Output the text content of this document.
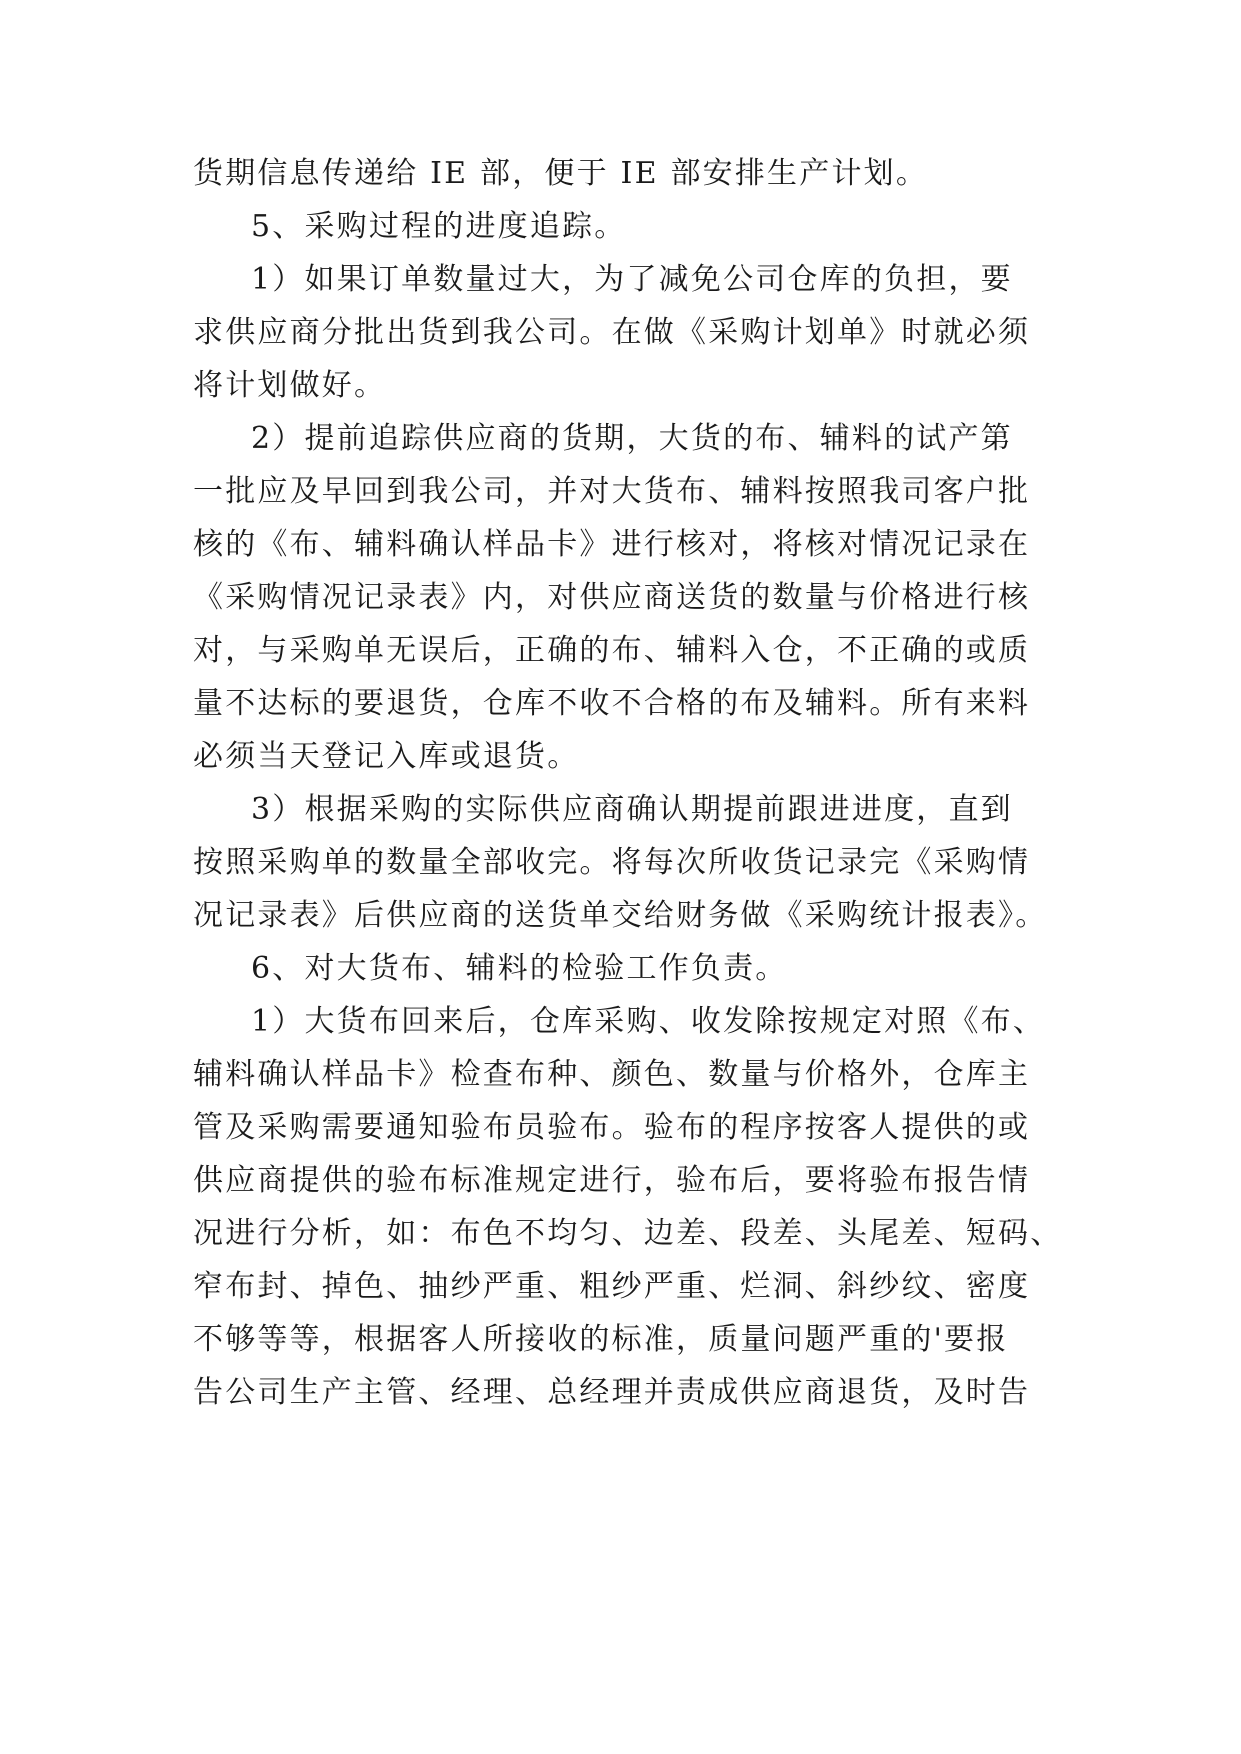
货期信息传递给 IE 部，便于 IE 部安排生产计划。
5、采购过程的进度追踪。
1）如果订单数量过大，为了减免公司仓库的负担，要
求供应商分批出货到我公司。在做《采购计划单》时就必须
将计划做好。
2）提前追踪供应商的货期，大货的布、辅料的试产第
一批应及早回到我公司，并对大货布、辅料按照我司客户批
核的《布、辅料确认样品卡》进行核对，将核对情况记录在
《采购情况记录表》内，对供应商送货的数量与价格进行核
对，与采购单无误后，正确的布、辅料入仓，不正确的或质
量不达标的要退货，仓库不收不合格的布及辅料。所有来料
必须当天登记入库或退货。
3）根据采购的实际供应商确认期提前跟进进度，直到
按照采购单的数量全部收完。将每次所收货记录完《采购情
况记录表》后供应商的送货单交给财务做《采购统计报表》。
6、对大货布、辅料的检验工作负责。
1）大货布回来后，仓库采购、收发除按规定对照《布、
辅料确认样品卡》检查布种、颜色、数量与价格外，仓库主
管及采购需要通知验布员验布。验布的程序按客人提供的或
供应商提供的验布标准规定进行，验布后，要将验布报告情
况进行分析，如：布色不均匀、边差、段差、头尾差、短码、
窄布封、掉色、抽纱严重、粗纱严重、烂洞、斜纱纹、密度
不够等等，根据客人所接收的标准，质量问题严重的'要报
告公司生产主管、经理、总经理并责成供应商退货，及时告
